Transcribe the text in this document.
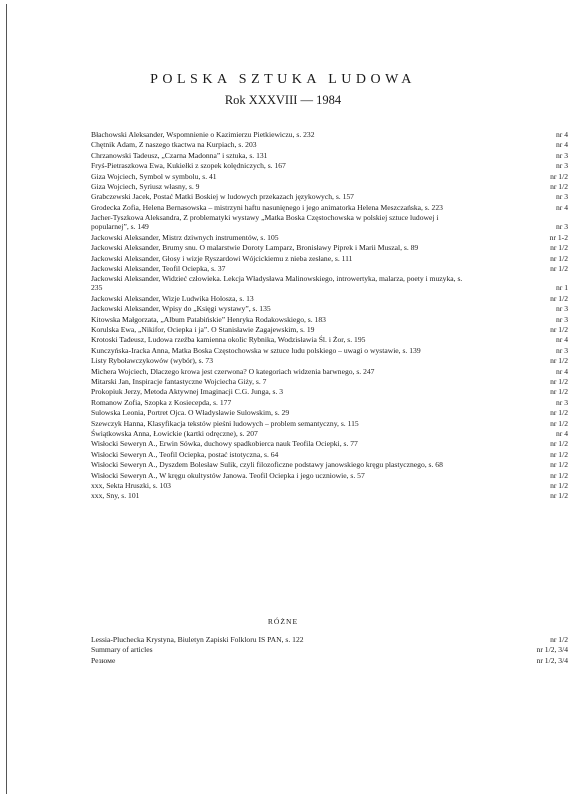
POLSKA SZTUKA LUDOWA
Rok XXXVIII — 1984
Błachowski Aleksander, Wspomnienie o Kazimierzu Pietkiewiczu, s. 232	nr 4
Chętnik Adam, Z naszego tkactwa na Kurpiach, s. 203	nr 4
Chrzanowski Tadeusz, „Czarna Madonna” i sztuka, s. 131	nr 3
Fryś-Pietraszkowa Ewa, Kukiełki z szopek kolędniczych, s. 167	nr 3
Giza Wojciech, Symbol w symbolu, s. 41	nr 1/2
Giza Wojciech, Syriusz własny, s. 9	nr 1/2
Grabczewski Jacek, Postać Matki Boskiej w ludowych przekazach językowych, s. 157	nr 3
Grodecka Zofia, Helena Bernasowska – mistrzyni haftu nasunięnego i jego animatorka Helena Meszczańska, s. 223	nr 4
Jacher-Tyszkowa Aleksandra, Z problematyki wystawy „Matka Boska Częstochowska w polskiej sztuce ludowej i popularnej”, s. 149	nr 3
Jackowski Aleksander, Mistrz dziwnych instrumentów, s. 105	nr 1-2
Jackowski Aleksander, Brumy snu. O malarstwie Doroty Lamparz, Bronisławy Piprek i Marii Muszal, s. 89	nr 1/2
Jackowski Aleksander, Głosy i wizje Ryszardowi Wójcickiemu z nieba zesłane, s. 111	nr 1/2
Jackowski Aleksander, Teofil Ociepka, s. 37	nr 1/2
Jackowski Aleksander, Widzieć człowieka. Lekcja Władysława Malinowskiego, introwertyka, malarza, poety i muzyka, s. 235	nr 1
Jackowski Aleksander, Wizje Ludwika Holosza, s. 13	nr 1/2
Jackowski Aleksander, Wpisy do „Księgi wystawy”, s. 135	nr 3
Kitowska Małgorzata, „Album Patabińskie” Henryka Rodakowskiego, s. 183	nr 3
Korulska Ewa, „Nikifor, Ociepka i ja”. O Stanisławie Zagajewskim, s. 19	nr 1/2
Krotoski Tadeusz, Ludowa rzeźba kamienna okolic Rybnika, Wodzisławia Śl. i Żor, s. 195	nr 4
Kunczyńska-Iracka Anna, Matka Boska Częstochowska w sztuce ludu polskiego – uwagi o wystawie, s. 139	nr 3
Listy Ryboławczykowów (wybór), s. 73	nr 1/2
Michera Wojciech, Dlaczego krowa jest czerwona? O kategoriach widzenia barwnego, s. 247	nr 4
Mitarski Jan, Inspiracje fantastyczne Wojciecha Giży, s. 7	nr 1/2
Prokopiuk Jerzy, Metoda Aktywnej Imaginacji C.G. Junga, s. 3	nr 1/2
Romanow Zofia, Szopka z Kosiecepda, s. 177	nr 3
Sulowska Leonia, Portret Ojca. O Władysławie Sulowskim, s. 29	nr 1/2
Szewczyk Hanna, Klasyfikacja tekstów pieśni ludowych – problem semantyczny, s. 115	nr 1/2
Świątkowska Anna, Łowickie (kartki odręczne), s. 207	nr 4
Wisłocki Seweryn A., Erwin Sówka, duchowy spadkobierca nauk Teofila Ociepki, s. 77	nr 1/2
Wisłocki Seweryn A., Teofil Ociepka, postać istotyczna, s. 64	nr 1/2
Wisłocki Seweryn A., Dyszdem Bolesław Sulik, czyli filozoficzne podstawy janowskiego kręgu plastycznego, s. 68	nr 1/2
Wisłocki Seweryn A., W kręgu okultystów Janowa. Teofil Ociepka i jego uczniowie, s. 57	nr 1/2
xxx, Sekta Hruszki, s. 103	nr 1/2
xxx, Sny, s. 101	nr 1/2
RÓŻNE
Lessia-Pluchecka Krystyna, Biuletyn Zapiski Folkloru IS PAN, s. 122	nr 1/2
Summary of articles	nr 1/2, 3/4
Резюме	nr 1/2, 3/4
